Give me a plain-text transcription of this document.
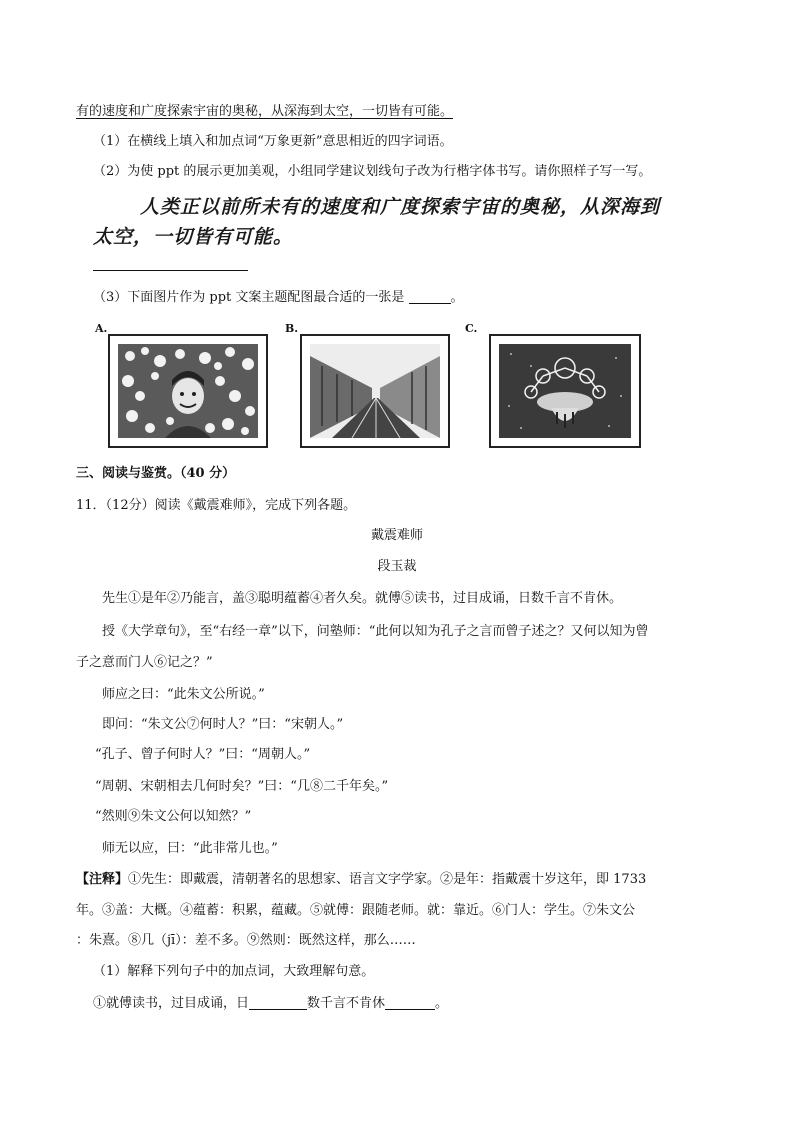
有的速度和广度探索宇宙的奥秘，从深海到太空，一切皆有可能。
（1）在横线上填入和加点词“万象更新”意思相近的四字词语。
（2）为使 ppt 的展示更加美观，小组同学建议划线句子改为行楷字体书写。请你照样子写一写。
人类正以前所未有的速度和广度探索宇宙的奥秘，从深海到
太空，一切皆有可能。
（3）下面图片作为 ppt 文案主题配图最合适的一张是	。
A.	B.	C.
三、阅读与鉴赏。（40 分）
11．（12分）阅读《戴震难师》，完成下列各题。
戴震难师
段玉裁
先生①是年②乃能言，盖③聪明蕴蓄④者久矣。就傅⑤读书，过目成诵，日数千言不肯休。
授《大学章句》，至“右经一章”以下，问塾师：“此何以知为孔子之言而曾子述之？又何以知为曾
子之意而门人⑥记之？”
师应之曰：“此朱文公所说。”
即问：“朱文公⑦何时人？”曰：“宋朝人。”
“孔子、曾子何时人？”曰：“周朝人。”
“周朝、宋朝相去几何时矣？”曰：“几⑧二千年矣。”
“然则⑨朱文公何以知然？”
师无以应，曰：“此非常儿也。”
【注释】①先生：即戴震，清朝著名的思想家、语言文字学家。②是年：指戴震十岁这年，即 1733
年。③盖：大概。④蕴蓄：积累，蕴藏。⑤就傅：跟随老师。就：靠近。⑥门人：学生。⑦朱文公
：朱熹。⑧几（jī）：差不多。⑨然则：既然这样，那么……
（1）解释下列句子中的加点词，大致理解句意。
①就傅读书，过目成诵，日	数千言不肯休	。
